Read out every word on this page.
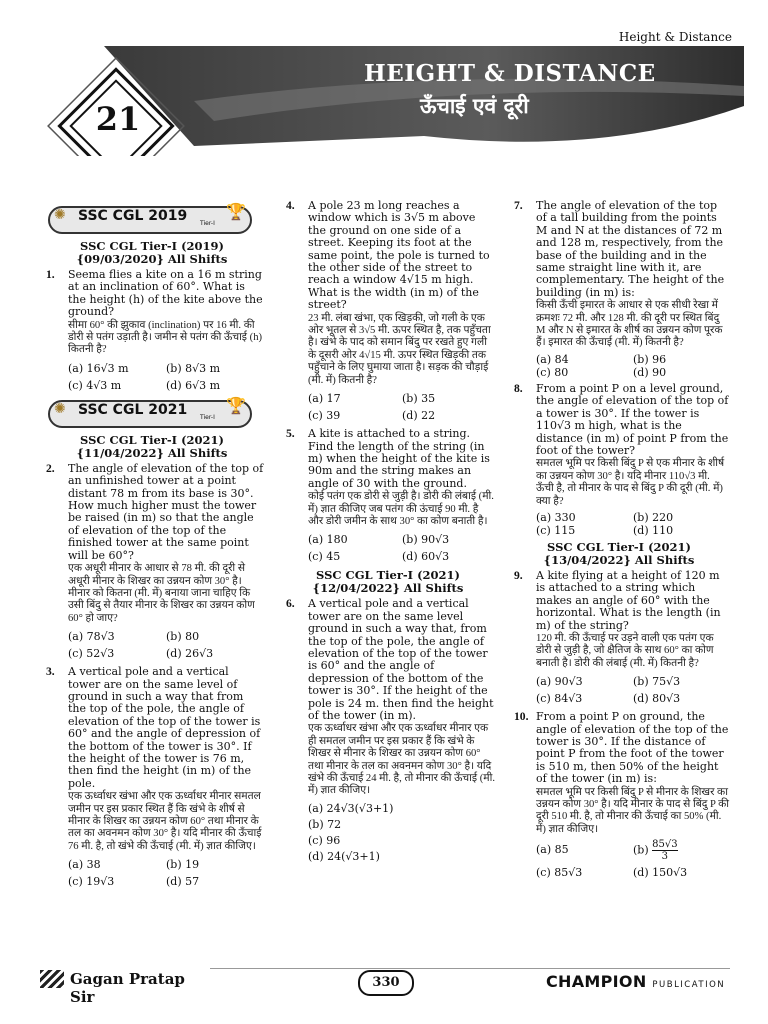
Height & Distance
HEIGHT & DISTANCE
ऊँचाई एवं दूरी
21
✺ SSC CGL 2019 Tier-I
🏆
SSC CGL Tier-I (2019)
{09/03/2020} All Shifts
1. Seema flies a kite on a 16 m string at an inclination of 60°. What is the height (h) of the kite above the ground?
सीमा 60° की झुकाव (inclination) पर 16 मी. की डोरी से पतंग उड़ाती है। जमीन से पतंग की ऊँचाई (h) कितनी है?
(a) 16√3 m	(b) 8√3 m
(c) 4√3 m	(d) 6√3 m
✺ SSC CGL 2021 Tier-I
🏆
SSC CGL Tier-I (2021)
{11/04/2022} All Shifts
2. The angle of elevation of the top of an unfinished tower at a point distant 78 m from its base is 30°. How much higher must the tower be raised (in m) so that the angle of elevation of the top of the finished tower at the same point will be 60°?
एक अधूरी मीनार के आधार से 78 मी. की दूरी से अधूरी मीनार के शिखर का उन्नयन कोण 30° है। मीनार को कितना (मी. में) बनाया जाना चाहिए कि उसी बिंदु से तैयार मीनार के शिखर का उन्नयन कोण 60° हो जाए?
(a) 78√3	(b) 80
(c) 52√3	(d) 26√3
3. A vertical pole and a vertical tower are on the same level of ground in such a way that from the top of the pole, the angle of elevation of the top of the tower is 60° and the angle of depression of the bottom of the tower is 30°. If the height of the tower is 76 m, then find the height (in m) of the pole.
एक ऊर्ध्वाधर खंभा और एक ऊर्ध्वाधर मीनार समतल जमीन पर इस प्रकार स्थित हैं कि खंभे के शीर्ष से मीनार के शिखर का उन्नयन कोण 60° तथा मीनार के तल का अवनमन कोण 30° है। यदि मीनार की ऊँचाई 76 मी. है, तो खंभे की ऊँचाई (मी. में) ज्ञात कीजिए।
(a) 38	(b) 19
(c) 19√3	(d) 57
4. A pole 23 m long reaches a window which is 3√5 m above the ground on one side of a street. Keeping its foot at the same point, the pole is turned to the other side of the street to reach a window 4√15 m high. What is the width (in m) of the street?
23 मी. लंबा खंभा, एक खिड़की, जो गली के एक ओर भूतल से 3√5 मी. ऊपर स्थित है, तक पहुँचता है। खंभे के पाद को समान बिंदु पर रखते हुए गली के दूसरी ओर 4√15 मी. ऊपर स्थित खिड़की तक पहुँचाने के लिए घुमाया जाता है। सड़क की चौड़ाई (मी. में) कितनी है?
(a) 17	(b) 35
(c) 39	(d) 22
5. A kite is attached to a string. Find the length of the string (in m) when the height of the kite is 90m and the string makes an angle of 30 with the ground.
कोई पतंग एक डोरी से जुड़ी है। डोरी की लंबाई (मी. में) ज्ञात कीजिए जब पतंग की ऊंचाई 90 मी. है और डोरी जमीन के साथ 30° का कोण बनाती है।
(a) 180	(b) 90√3
(c) 45	(d) 60√3
SSC CGL Tier-I (2021)
{12/04/2022} All Shifts
6. A vertical pole and a vertical tower are on the same level ground in such a way that, from the top of the pole, the angle of elevation of the top of the tower is 60° and the angle of depression of the bottom of the tower is 30°. If the height of the pole is 24 m. then find the height of the tower (in m).
एक ऊर्ध्वाधर खंभा और एक ऊर्ध्वाधर मीनार एक ही समतल जमीन पर इस प्रकार हैं कि खंभे के शिखर से मीनार के शिखर का उन्नयन कोण 60° तथा मीनार के तल का अवनमन कोण 30° है। यदि खंभे की ऊँचाई 24 मी. है, तो मीनार की ऊँचाई (मी. में) ज्ञात कीजिए।
(a) 24√3(√3+1)
(b) 72
(c) 96
(d) 24(√3+1)
7. The angle of elevation of the top of a tall building from the points M and N at the distances of 72 m and 128 m, respectively, from the base of the building and in the same straight line with it, are complementary. The height of the building (in m) is:
किसी ऊँची इमारत के आधार से एक सीधी रेखा में क्रमशः 72 मी. और 128 मी. की दूरी पर स्थित बिंदु M और N से इमारत के शीर्ष का उन्नयन कोण पूरक हैं। इमारत की ऊँचाई (मी. में) कितनी है?
(a) 84	(b) 96
(c) 80	(d) 90
8. From a point P on a level ground, the angle of elevation of the top of a tower is 30°. If the tower is 110√3 m high, what is the distance (in m) of point P from the foot of the tower?
समतल भूमि पर किसी बिंदु P से एक मीनार के शीर्ष का उन्नयन कोण 30° है। यदि मीनार 110√3 मी. ऊँची है, तो मीनार के पाद से बिंदु P की दूरी (मी. में) क्या है?
(a) 330	(b) 220
(c) 115	(d) 110
SSC CGL Tier-I (2021)
{13/04/2022} All Shifts
9. A kite flying at a height of 120 m is attached to a string which makes an angle of 60° with the horizontal. What is the length (in m) of the string?
120 मी. की ऊँचाई पर उड़ने वाली एक पतंग एक डोरी से जुड़ी है, जो क्षैतिज के साथ 60° का कोण बनाती है। डोरी की लंबाई (मी. में) कितनी है?
(a) 90√3	(b) 75√3
(c) 84√3	(d) 80√3
10. From a point P on ground, the angle of elevation of the top of the tower is 30°. If the distance of point P from the foot of the tower is 510 m, then 50% of the height of the tower (in m) is:
समतल भूमि पर किसी बिंदु P से मीनार के शिखर का उन्नयन कोण 30° है। यदि मीनार के पाद से बिंदु P की दूरी 510 मी. है, तो मीनार की ऊँचाई का 50% (मी. में) ज्ञात कीजिए।
(a) 85	$(b) \frac{85√3}{3}$
(c) 85√3	(d) 150√3
Gagan Pratap Sir
330	CHAMPION PUBLICATION
